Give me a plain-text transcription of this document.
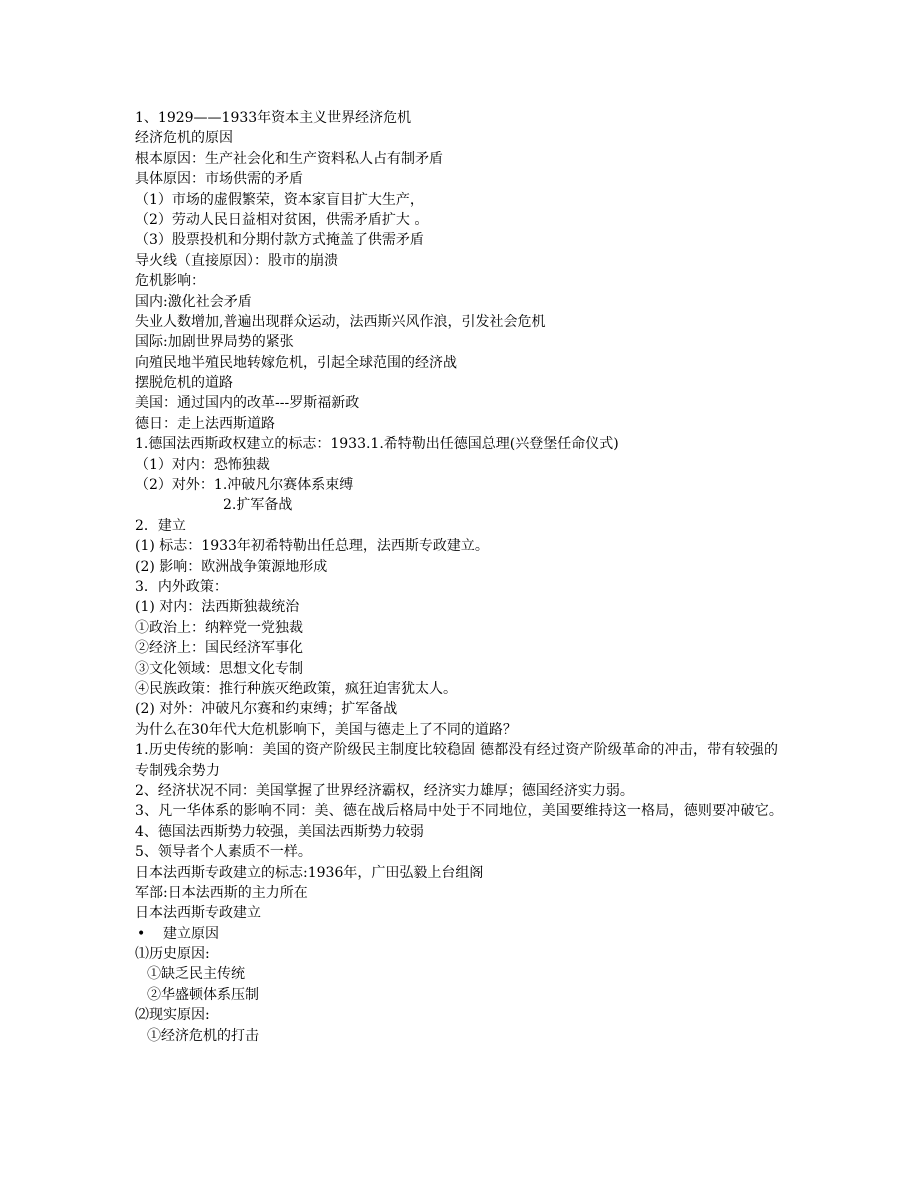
1、1929——1933年资本主义世界经济危机
经济危机的原因
根本原因：生产社会化和生产资料私人占有制矛盾
具体原因：市场供需的矛盾
（1）市场的虚假繁荣，资本家盲目扩大生产，
（2）劳动人民日益相对贫困，供需矛盾扩大 。
（3）股票投机和分期付款方式掩盖了供需矛盾
导火线（直接原因）：股市的崩溃
危机影响：
国内:激化社会矛盾
失业人数增加,普遍出现群众运动，法西斯兴风作浪，引发社会危机
国际:加剧世界局势的紧张
向殖民地半殖民地转嫁危机，引起全球范围的经济战
摆脱危机的道路
美国：通过国内的改革---罗斯福新政
德日：走上法西斯道路
1.德国法西斯政权建立的标志：1933.1.希特勒出任德国总理(兴登堡任命仪式)
（1）对内：恐怖独裁
（2）对外：1.冲破凡尔赛体系束缚
2.扩军备战
2．建立
(1) 标志：1933年初希特勒出任总理，法西斯专政建立。
(2) 影响：欧洲战争策源地形成
3．内外政策：
(1) 对内：法西斯独裁统治
①政治上：纳粹党一党独裁
②经济上：国民经济军事化
③文化领域：思想文化专制
④民族政策：推行种族灭绝政策，疯狂迫害犹太人。
(2) 对外：冲破凡尔赛和约束缚；扩军备战
为什么在30年代大危机影响下，美国与德走上了不同的道路？
1.历史传统的影响：美国的资产阶级民主制度比较稳固 德都没有经过资产阶级革命的冲击，带有较强的专制残余势力
2、经济状况不同：美国掌握了世界经济霸权，经济实力雄厚；德国经济实力弱。
3、凡一华体系的影响不同：美、德在战后格局中处于不同地位，美国要维持这一格局，德则要冲破它。
4、德国法西斯势力较强，美国法西斯势力较弱
5、领导者个人素质不一样。
日本法西斯专政建立的标志:1936年，广田弘毅上台组阁
军部:日本法西斯的主力所在
日本法西斯专政建立
• 建立原因
⑴历史原因:
①缺乏民主传统
②华盛顿体系压制
⑵现实原因:
①经济危机的打击
